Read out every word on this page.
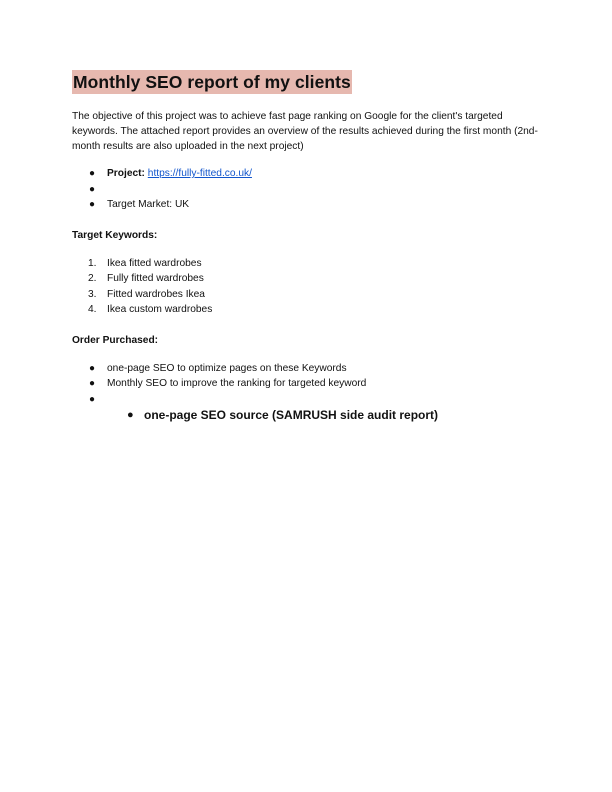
Monthly SEO report of my clients

The objective of this project was to achieve fast page ranking on Google for the client's targeted keywords. The attached report provides an overview of the results achieved during the first month (2nd-month results are also uploaded in the next project)

● Project: https://fully-fitted.co.uk/
●
● Target Market: UK
Target Keywords:
1. Ikea fitted wardrobes
2. Fully fitted wardrobes
3. Fitted wardrobes Ikea
4. Ikea custom wardrobes
Order Purchased:
● one-page SEO to optimize pages on these Keywords
● Monthly SEO to improve the ranking for targeted keyword
●
● one-page SEO source (SAMRUSH side audit report)
